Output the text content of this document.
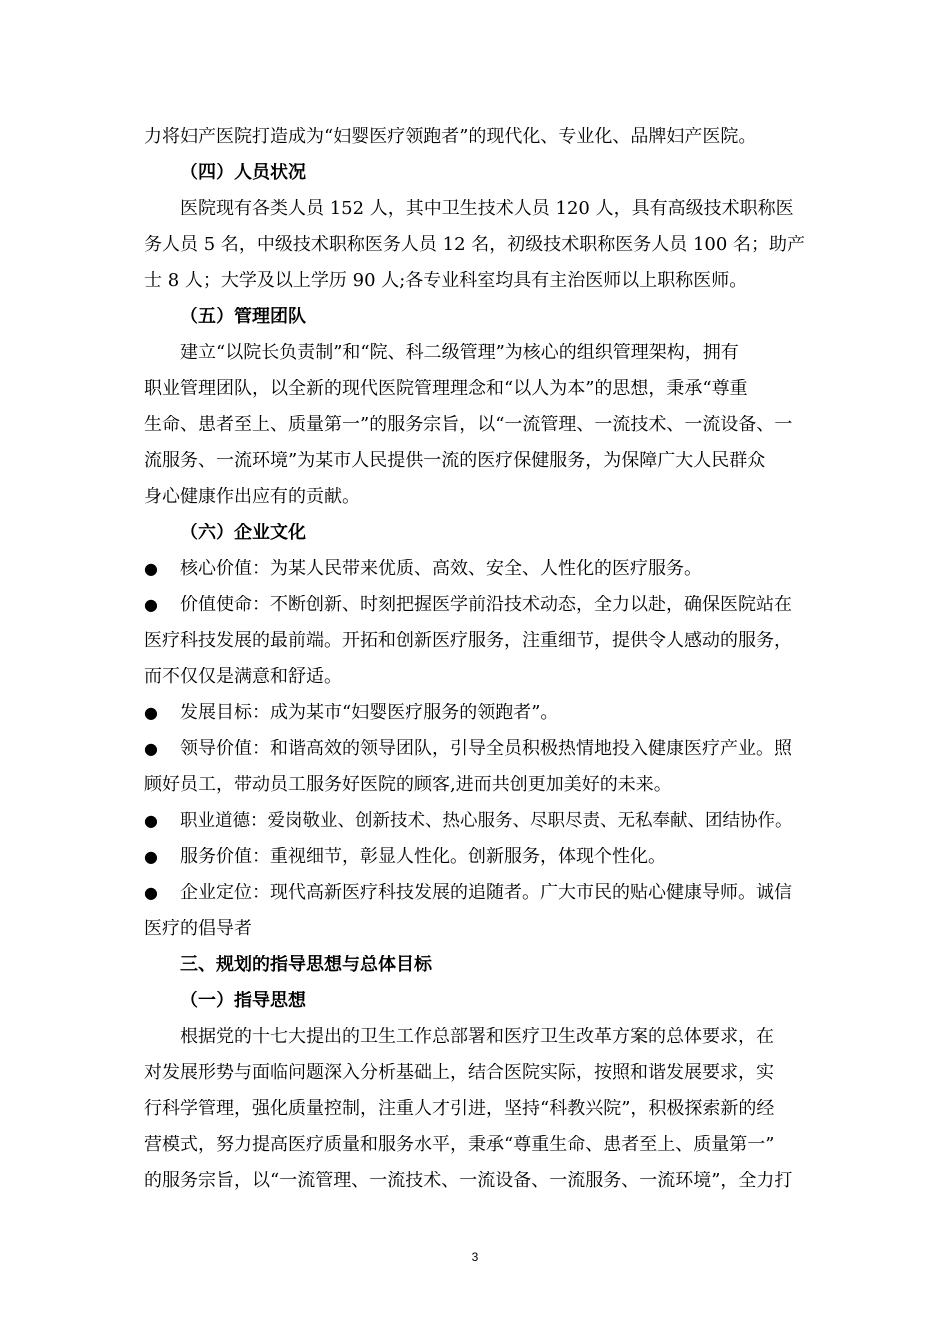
力将妇产医院打造成为“妇婴医疗领跑者”的现代化、专业化、品牌妇产医院。
（四）人员状况
医院现有各类人员 152 人，其中卫生技术人员 120 人，具有高级技术职称医
务人员 5 名，中级技术职称医务人员 12 名，初级技术职称医务人员 100 名；助产
士 8 人；大学及以上学历 90 人;各专业科室均具有主治医师以上职称医师。
（五）管理团队
建立“以院长负责制”和“院、科二级管理”为核心的组织管理架构，拥有
职业管理团队，以全新的现代医院管理理念和“以人为本”的思想，秉承“尊重
生命、患者至上、质量第一”的服务宗旨，以“一流管理、一流技术、一流设备、一
流服务、一流环境”为某市人民提供一流的医疗保健服务，为保障广大人民群众
身心健康作出应有的贡献。
（六）企业文化
● 核心价值：为某人民带来优质、高效、安全、人性化的医疗服务。
● 价值使命：不断创新、时刻把握医学前沿技术动态，全力以赴，确保医院站在
医疗科技发展的最前端。开拓和创新医疗服务，注重细节，提供令人感动的服务，
而不仅仅是满意和舒适。
● 发展目标：成为某市“妇婴医疗服务的领跑者”。
● 领导价值：和谐高效的领导团队，引导全员积极热情地投入健康医疗产业。照
顾好员工，带动员工服务好医院的顾客,进而共创更加美好的未来。
● 职业道德：爱岗敬业、创新技术、热心服务、尽职尽责、无私奉献、团结协作。
● 服务价值：重视细节，彰显人性化。创新服务，体现个性化。
● 企业定位：现代高新医疗科技发展的追随者。广大市民的贴心健康导师。诚信
医疗的倡导者
三、规划的指导思想与总体目标
（一）指导思想
根据党的十七大提出的卫生工作总部署和医疗卫生改革方案的总体要求，在
对发展形势与面临问题深入分析基础上，结合医院实际，按照和谐发展要求，实
行科学管理，强化质量控制，注重人才引进，坚持“科教兴院”，积极探索新的经
营模式，努力提高医疗质量和服务水平，秉承“尊重生命、患者至上、质量第一”
的服务宗旨，以“一流管理、一流技术、一流设备、一流服务、一流环境”，全力打
3
